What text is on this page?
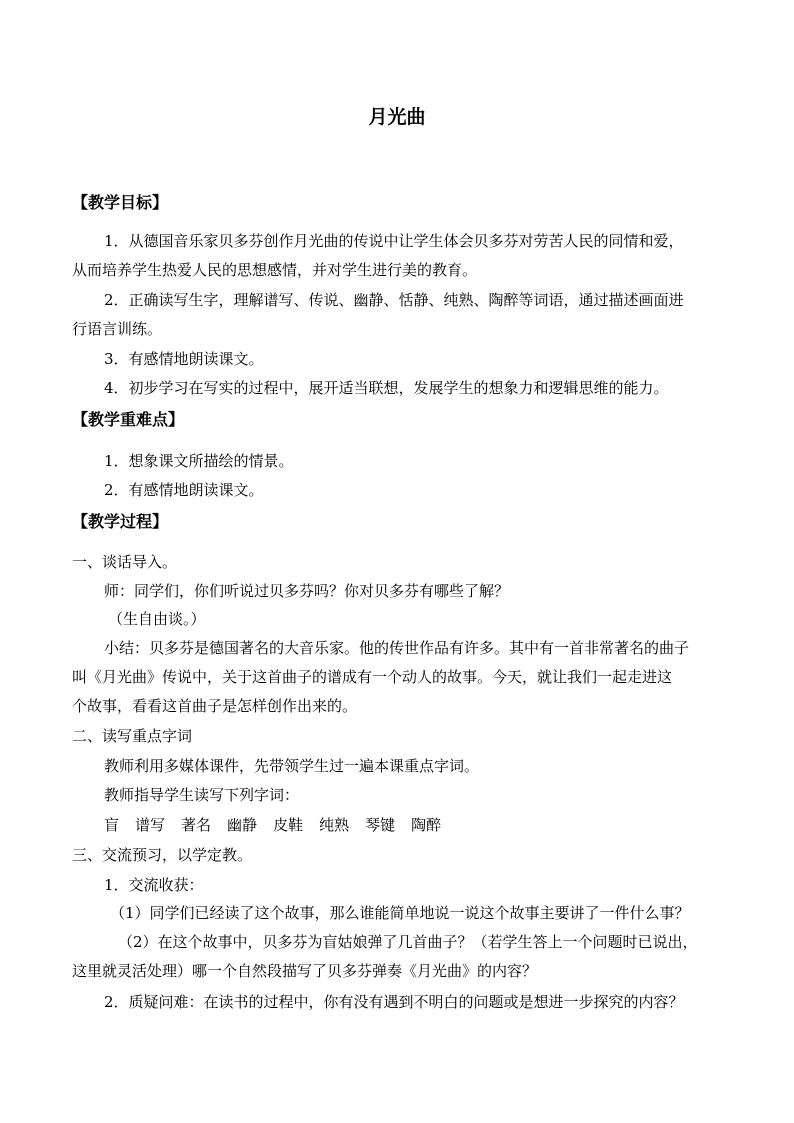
月光曲
【教学目标】
1．从德国音乐家贝多芬创作月光曲的传说中让学生体会贝多芬对劳苦人民的同情和爱，
从而培养学生热爱人民的思想感情，并对学生进行美的教育。
2．正确读写生字，理解谱写、传说、幽静、恬静、纯熟、陶醉等词语，通过描述画面进
行语言训练。
3．有感情地朗读课文。
4．初步学习在写实的过程中，展开适当联想，发展学生的想象力和逻辑思维的能力。
【教学重难点】
1．想象课文所描绘的情景。
2．有感情地朗读课文。
【教学过程】
一、谈话导入。
师：同学们，你们听说过贝多芬吗？你对贝多芬有哪些了解？
（生自由谈。）
小结：贝多芬是德国著名的大音乐家。他的传世作品有许多。其中有一首非常著名的曲子
叫《月光曲》传说中，关于这首曲子的谱成有一个动人的故事。今天，就让我们一起走进这
个故事，看看这首曲子是怎样创作出来的。
二、读写重点字词
教师利用多媒体课件，先带领学生过一遍本课重点字词。
教师指导学生读写下列字词：
盲 谱写 著名 幽静 皮鞋 纯熟 琴键 陶醉
三、交流预习，以学定教。
1．交流收获：
（1）同学们已经读了这个故事，那么谁能简单地说一说这个故事主要讲了一件什么事？
（2）在这个故事中，贝多芬为盲姑娘弹了几首曲子？（若学生答上一个问题时已说出，
这里就灵活处理）哪一个自然段描写了贝多芬弹奏《月光曲》的内容？
2．质疑问难：在读书的过程中，你有没有遇到不明白的问题或是想进一步探究的内容？
